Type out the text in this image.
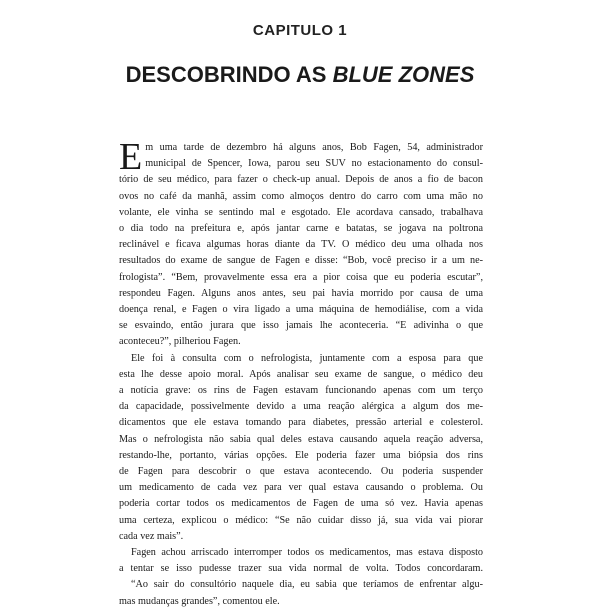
CAPITULO 1
DESCOBRINDO AS BLUE ZONES
E m uma tarde de dezembro há alguns anos, Bob Fagen, 54, administrador
municipal de Spencer, Iowa, parou seu SUV no estacionamento do consul-
tório de seu médico, para fazer o check-up anual. Depois de anos a fio de bacon
ovos no café da manhã, assim como almoços dentro do carro com uma mão no
volante, ele vinha se sentindo mal e esgotado. Ele acordava cansado, trabalhava
o dia todo na prefeitura e, após jantar carne e batatas, se jogava na poltrona
reclinável e ficava algumas horas diante da TV. O médico deu uma olhada nos
resultados do exame de sangue de Fagen e disse: “Bob, você preciso ir a um ne-
frologista”. “Bem, provavelmente essa era a pior coisa que eu poderia escutar”,
respondeu Fagen. Alguns anos antes, seu pai havia morrido por causa de uma
doença renal, e Fagen o vira ligado a uma máquina de hemodiálise, com a vida
se esvaindo, então jurara que isso jamais lhe aconteceria. “E adivinha o que
aconteceu?”, pilheriou Fagen.
Ele foi à consulta com o nefrologista, juntamente com a esposa para que
esta lhe desse apoio moral. Após analisar seu exame de sangue, o médico deu
a notícia grave: os rins de Fagen estavam funcionando apenas com um terço
da capacidade, possivelmente devido a uma reação alérgica a algum dos me-
dicamentos que ele estava tomando para diabetes, pressão arterial e colesterol.
Mas o nefrologista não sabia qual deles estava causando aquela reação adversa,
restando-lhe, portanto, várias opções. Ele poderia fazer uma biópsia dos rins
de Fagen para descobrir o que estava acontecendo. Ou poderia suspender
um medicamento de cada vez para ver qual estava causando o problema. Ou
poderia cortar todos os medicamentos de Fagen de uma só vez. Havia apenas
uma certeza, explicou o médico: “Se não cuidar disso já, sua vida vai piorar
cada vez mais”.
Fagen achou arriscado interromper todos os medicamentos, mas estava disposto
a tentar se isso pudesse trazer sua vida normal de volta. Todos concordaram.
“Ao sair do consultório naquele dia, eu sabia que teríamos de enfrentar algu-
mas mudanças grandes”, comentou ele.
